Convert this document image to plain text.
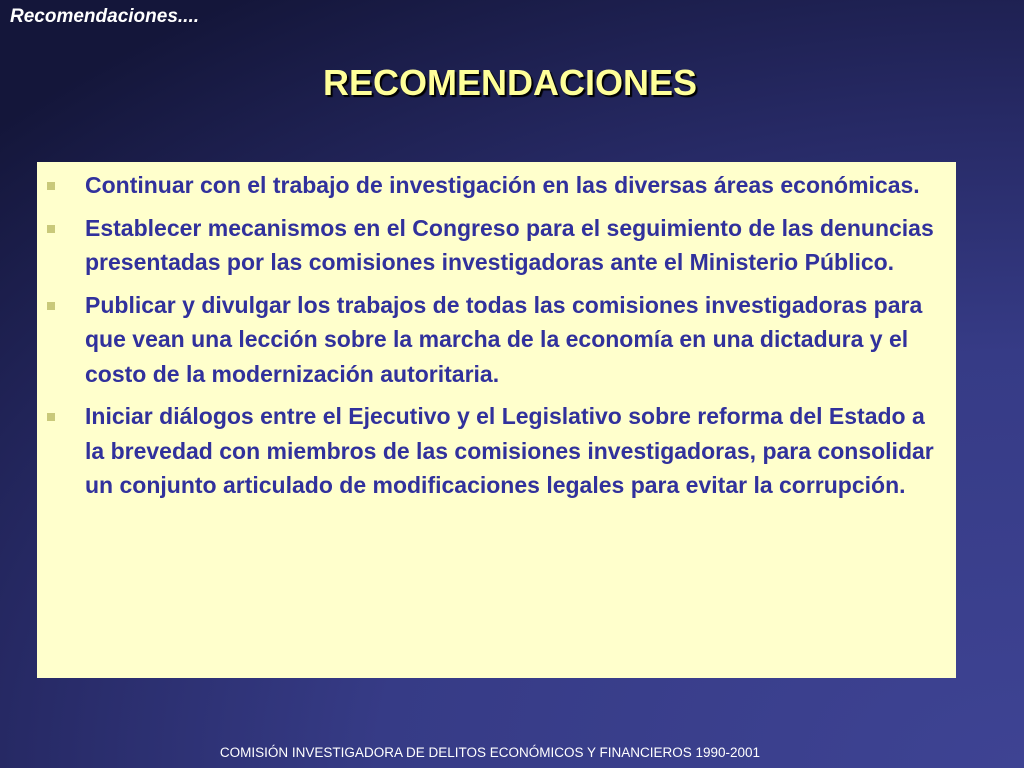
Recomendaciones....
RECOMENDACIONES
Continuar con el trabajo de investigación en las diversas áreas económicas.
Establecer mecanismos en el Congreso para el seguimiento de las denuncias presentadas por las comisiones investigadoras ante el Ministerio Público.
Publicar y divulgar los trabajos de todas las comisiones investigadoras para que vean una lección sobre la marcha de la economía en una dictadura y el costo de la modernización autoritaria.
Iniciar diálogos entre el Ejecutivo y el Legislativo sobre reforma del Estado a la brevedad con miembros de las comisiones investigadoras, para consolidar un conjunto articulado de modificaciones legales para evitar la corrupción.
COMISIÓN INVESTIGADORA DE DELITOS ECONÓMICOS Y FINANCIEROS 1990-2001
